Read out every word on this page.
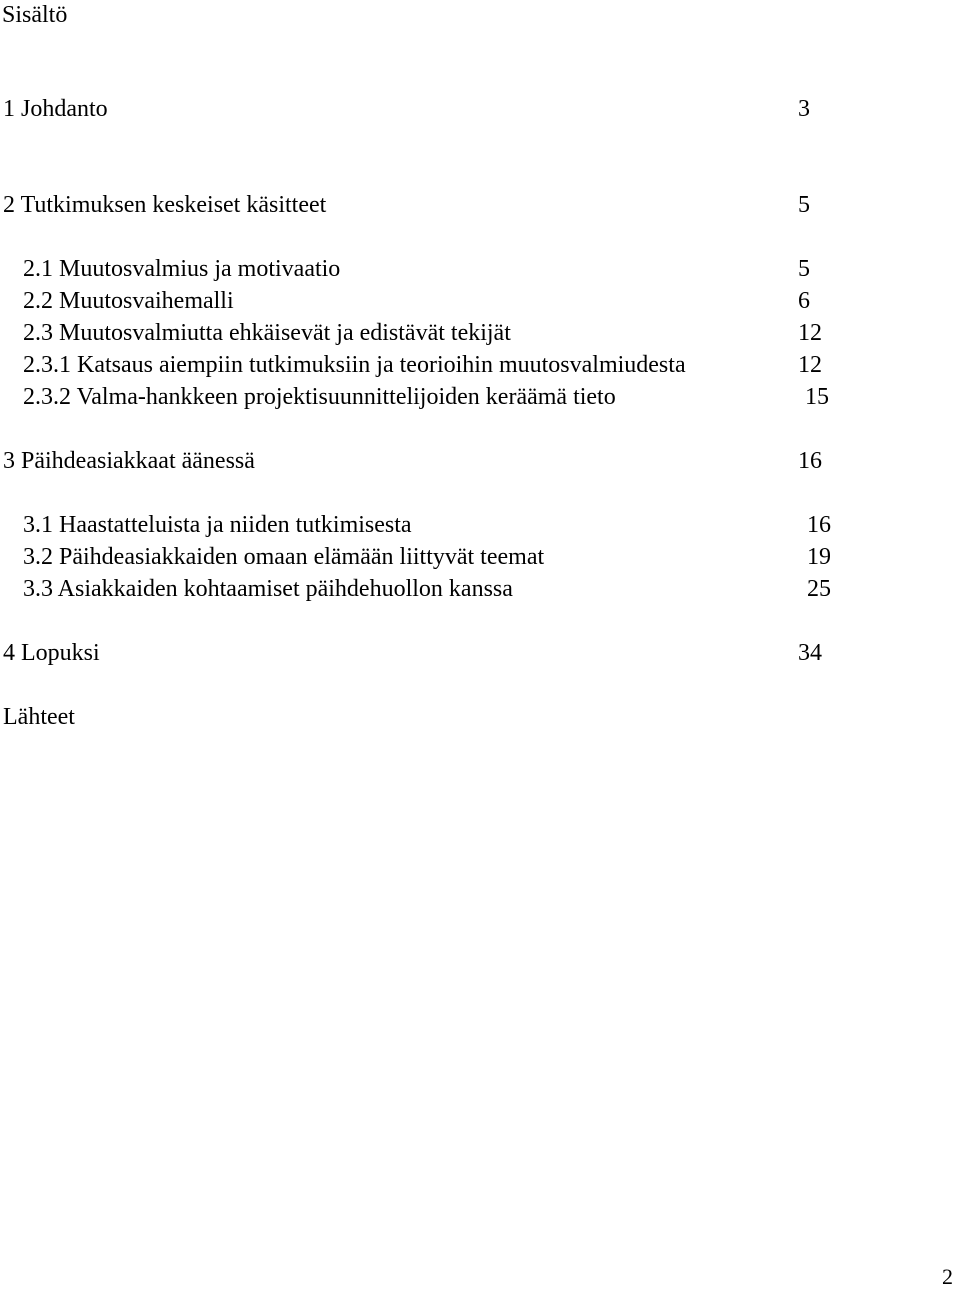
Sisältö
1 Johdanto	3
2 Tutkimuksen keskeiset käsitteet	5
2.1 Muutosvalmius ja motivaatio	5
2.2 Muutosvaihemalli	6
2.3 Muutosvalmiutta ehkäisevät ja edistävät tekijät	12
2.3.1 Katsaus aiempiin tutkimuksiin ja teorioihin muutosvalmiudesta	12
2.3.2 Valma-hankkeen projektisuunnittelijoiden keräämä tieto	15
3 Päihdeasiakkaat äänessä	16
3.1 Haastatteluista ja niiden tutkimisesta	16
3.2 Päihdeasiakkaiden omaan elämään liittyvät teemat	19
3.3 Asiakkaiden kohtaamiset päihdehuollon kanssa	25
4 Lopuksi	34
Lähteet
2
